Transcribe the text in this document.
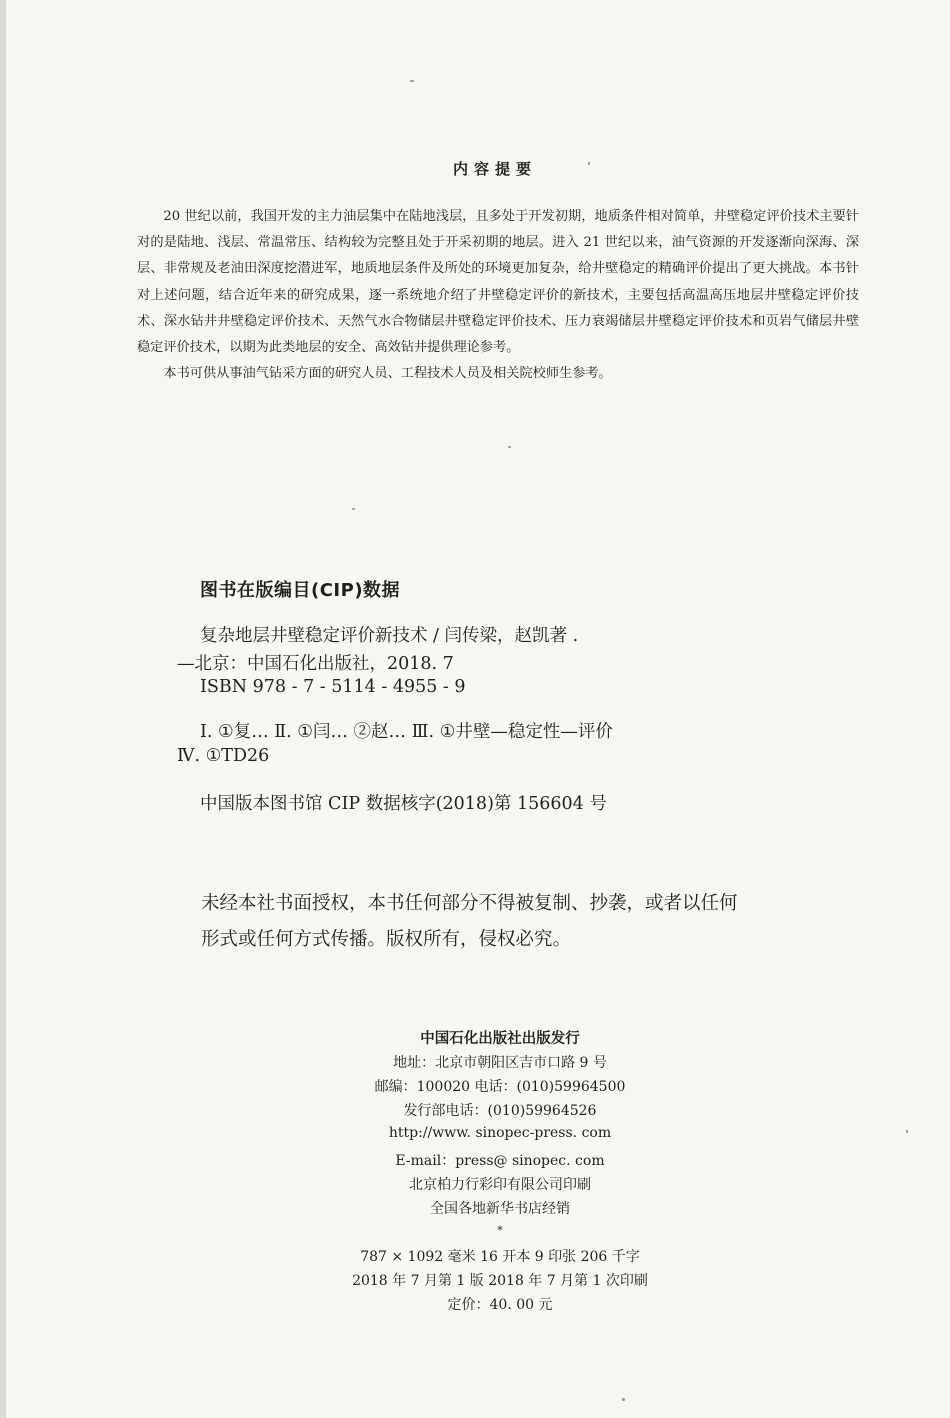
内容提要

20 世纪以前，我国开发的主力油层集中在陆地浅层，且多处于开发初期，地质条件相对简单，井壁稳定评价技术主要针对的是陆地、浅层、常温常压、结构较为完整且处于开采初期的地层。进入 21 世纪以来，油气资源的开发逐渐向深海、深层、非常规及老油田深度挖潜进军，地质地层条件及所处的环境更加复杂，给井壁稳定的精确评价提出了更大挑战。本书针对上述问题，结合近年来的研究成果，逐一系统地介绍了井壁稳定评价的新技术，主要包括高温高压地层井壁稳定评价技术、深水钻井井壁稳定评价技术、天然气水合物储层井壁稳定评价技术、压力衰竭储层井壁稳定评价技术和页岩气储层井壁稳定评价技术，以期为此类地层的安全、高效钻井提供理论参考。

本书可供从事油气钻采方面的研究人员、工程技术人员及相关院校师生参考。

图书在版编目(CIP)数据
复杂地层井壁稳定评价新技术 / 闫传梁，赵凯著 .
—北京：中国石化出版社，2018. 7
ISBN 978 - 7 - 5114 - 4955 - 9
Ⅰ. ①复… Ⅱ. ①闫… ②赵… Ⅲ. ①井壁—稳定性—评价
Ⅳ. ①TD26
中国版本图书馆 CIP 数据核字(2018)第 156604 号

未经本社书面授权，本书任何部分不得被复制、抄袭，或者以任何

形式或任何方式传播。版权所有，侵权必究。

中国石化出版社出版发行
地址：北京市朝阳区吉市口路 9 号
邮编：100020 电话：(010)59964500
发行部电话：(010)59964526
http://www. sinopec-press. com
E-mail：press@ sinopec. com
北京柏力行彩印有限公司印刷
全国各地新华书店经销
*
787 × 1092 毫米 16 开本 9 印张 206 千字
2018 年 7 月第 1 版 2018 年 7 月第 1 次印刷
定价：40. 00 元
